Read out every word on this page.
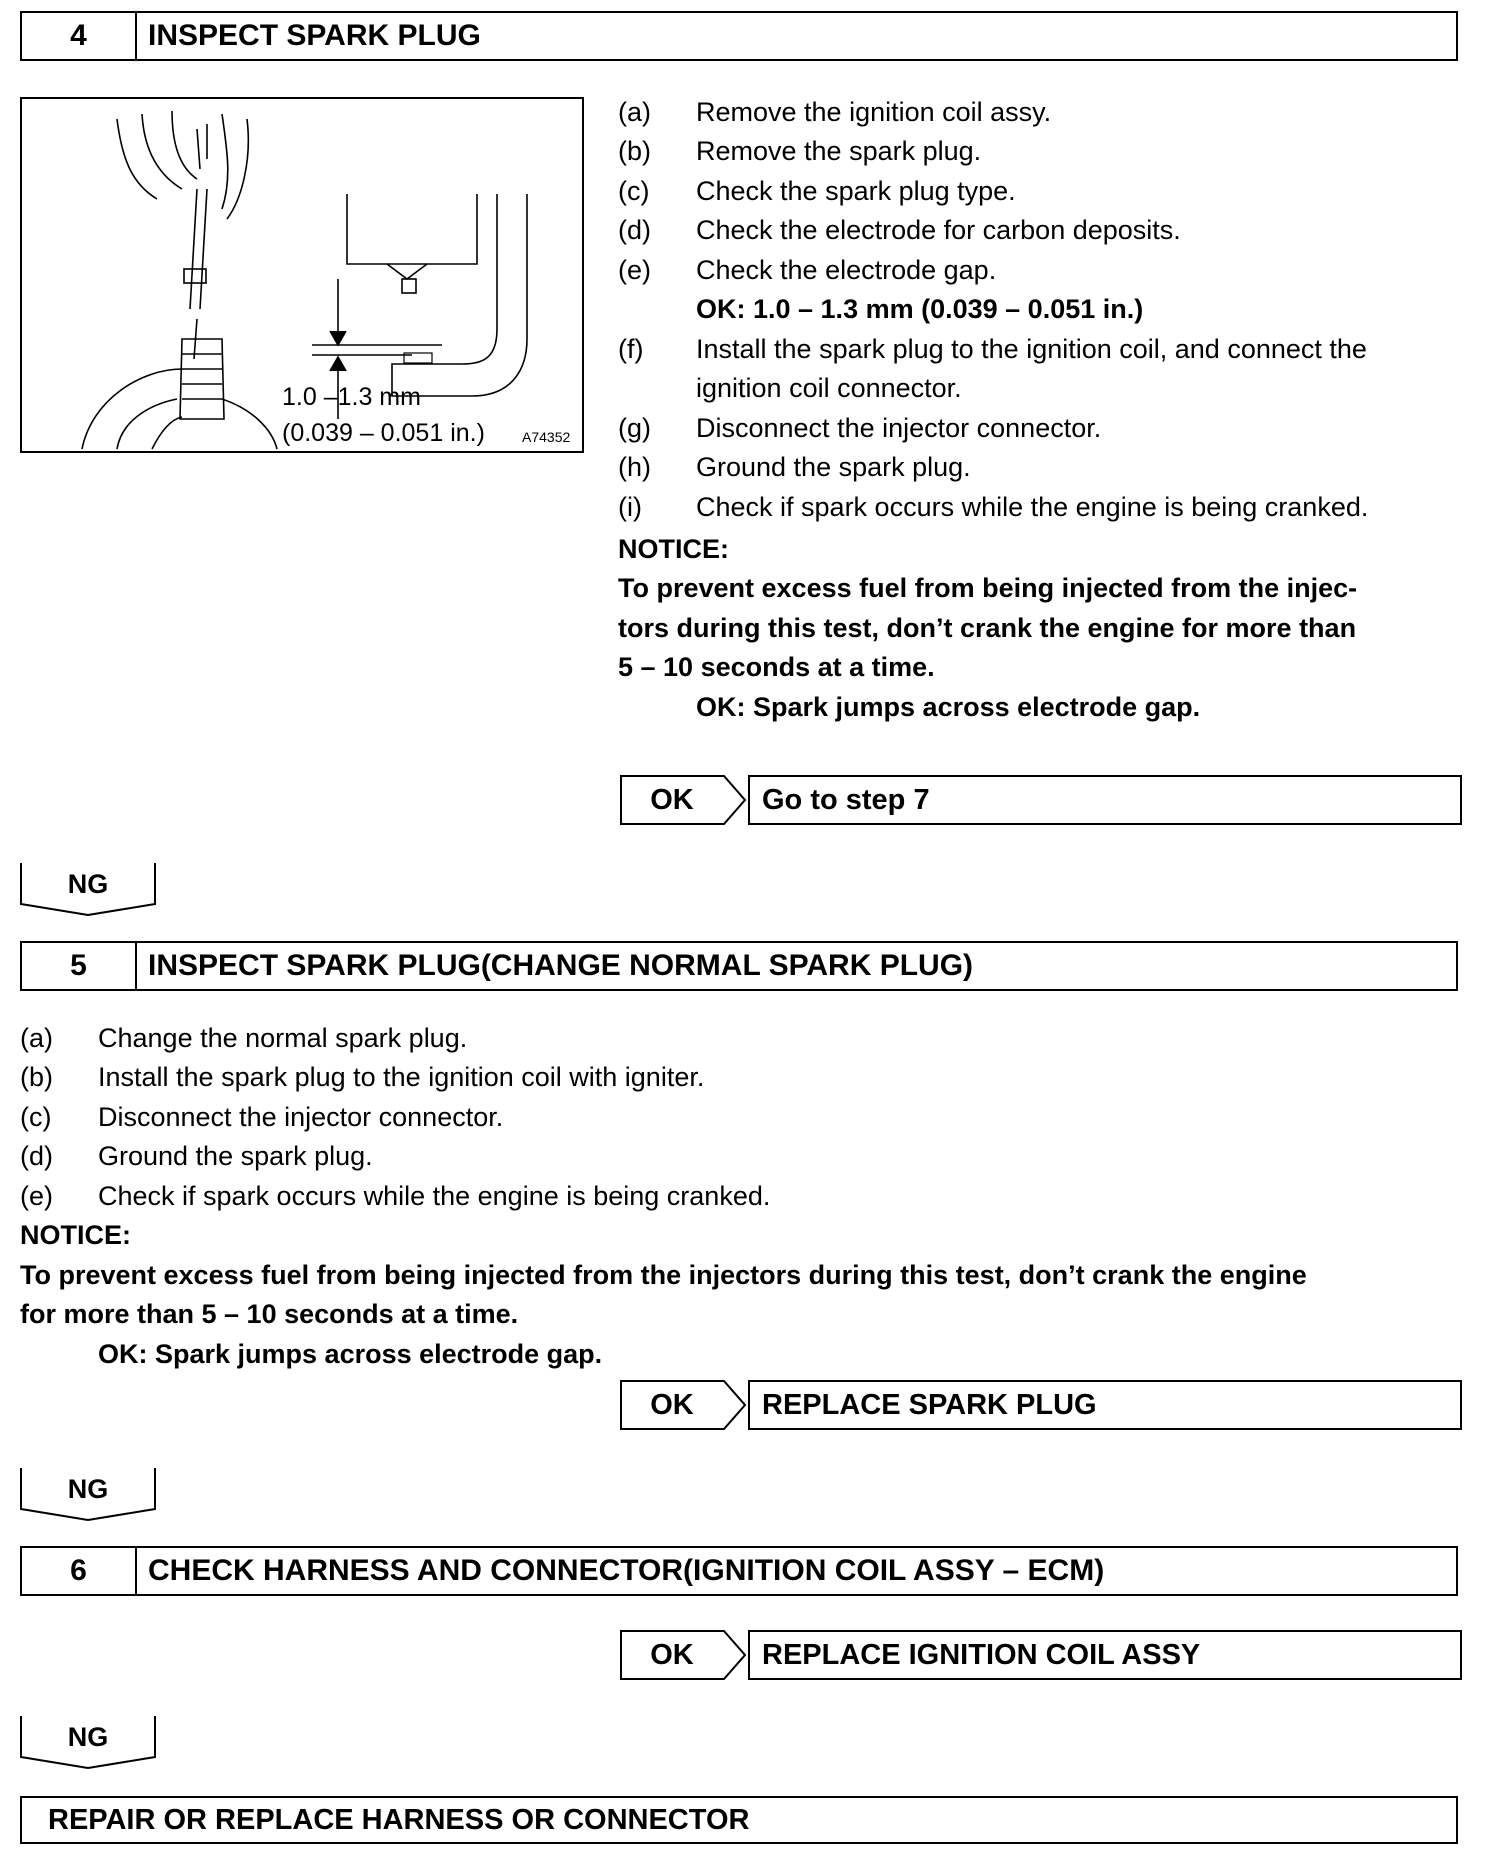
4	INSPECT SPARK PLUG
1.0 –1.3 mm
(0.039 – 0.051 in.)	A74352
(a) Remove the ignition coil assy.
(b) Remove the spark plug.
(c) Check the spark plug type.
(d) Check the electrode for carbon deposits.
(e) Check the electrode gap.
OK: 1.0 – 1.3 mm (0.039 – 0.051 in.)
(f) Install the spark plug to the ignition coil, and connect the
ignition coil connector.
(g) Disconnect the injector connector.
(h) Ground the spark plug.
(i) Check if spark occurs while the engine is being cranked.
NOTICE:
To prevent excess fuel from being injected from the injec-
tors during this test, don’t crank the engine for more than
5 – 10 seconds at a time.
OK: Spark jumps across electrode gap.
OK	Go to step 7
NG
5	INSPECT SPARK PLUG(CHANGE NORMAL SPARK PLUG)
(a) Change the normal spark plug.
(b) Install the spark plug to the ignition coil with igniter.
(c) Disconnect the injector connector.
(d) Ground the spark plug.
(e) Check if spark occurs while the engine is being cranked.
NOTICE:
To prevent excess fuel from being injected from the injectors during this test, don’t crank the engine
for more than 5 – 10 seconds at a time.
OK: Spark jumps across electrode gap.
OK	REPLACE SPARK PLUG
NG
6	CHECK HARNESS AND CONNECTOR(IGNITION COIL ASSY – ECM)
OK	REPLACE IGNITION COIL ASSY
NG
REPAIR OR REPLACE HARNESS OR CONNECTOR
